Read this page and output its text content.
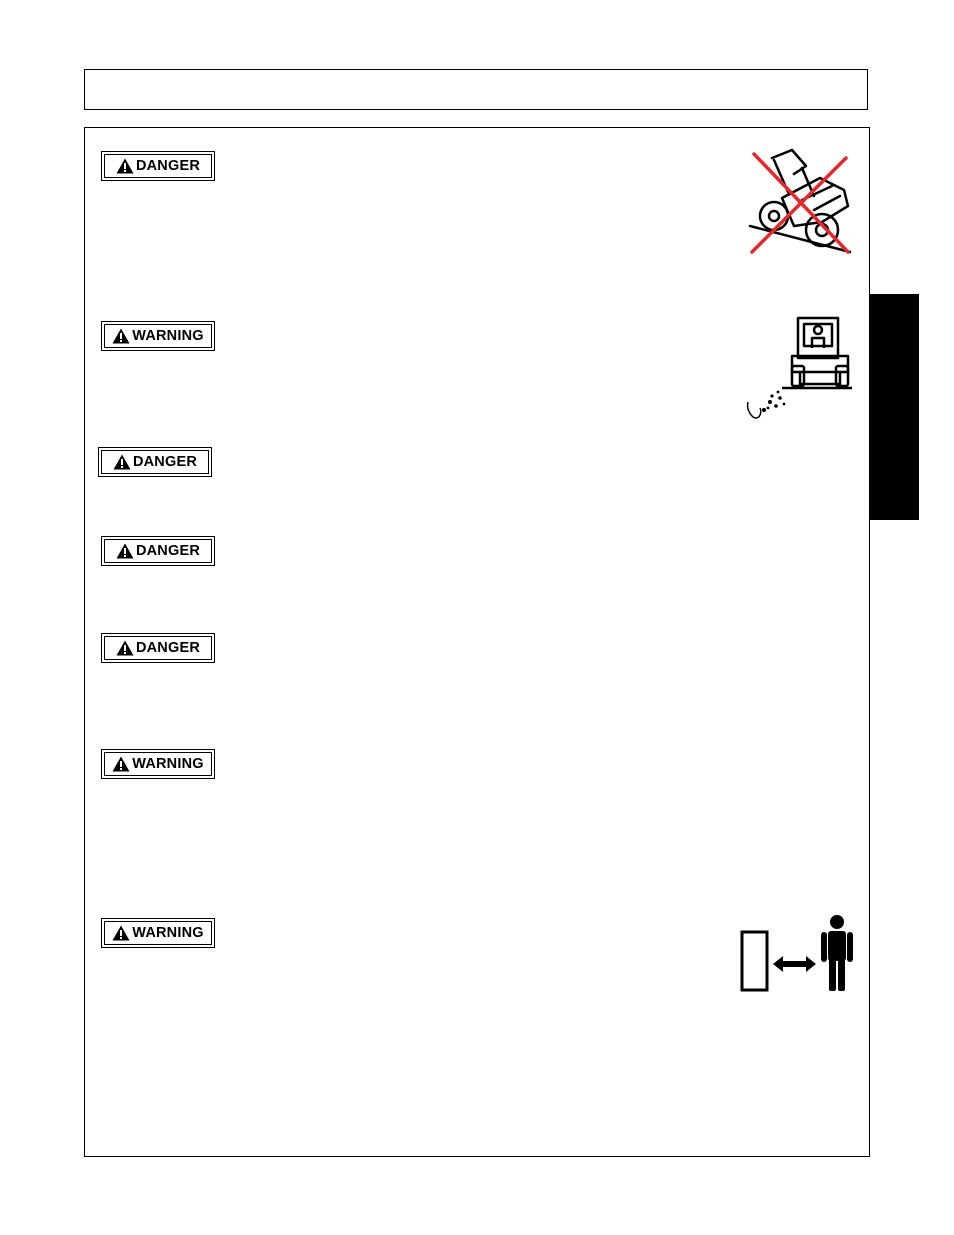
DANGER
WARNING
DANGER
DANGER
DANGER
WARNING
WARNING
